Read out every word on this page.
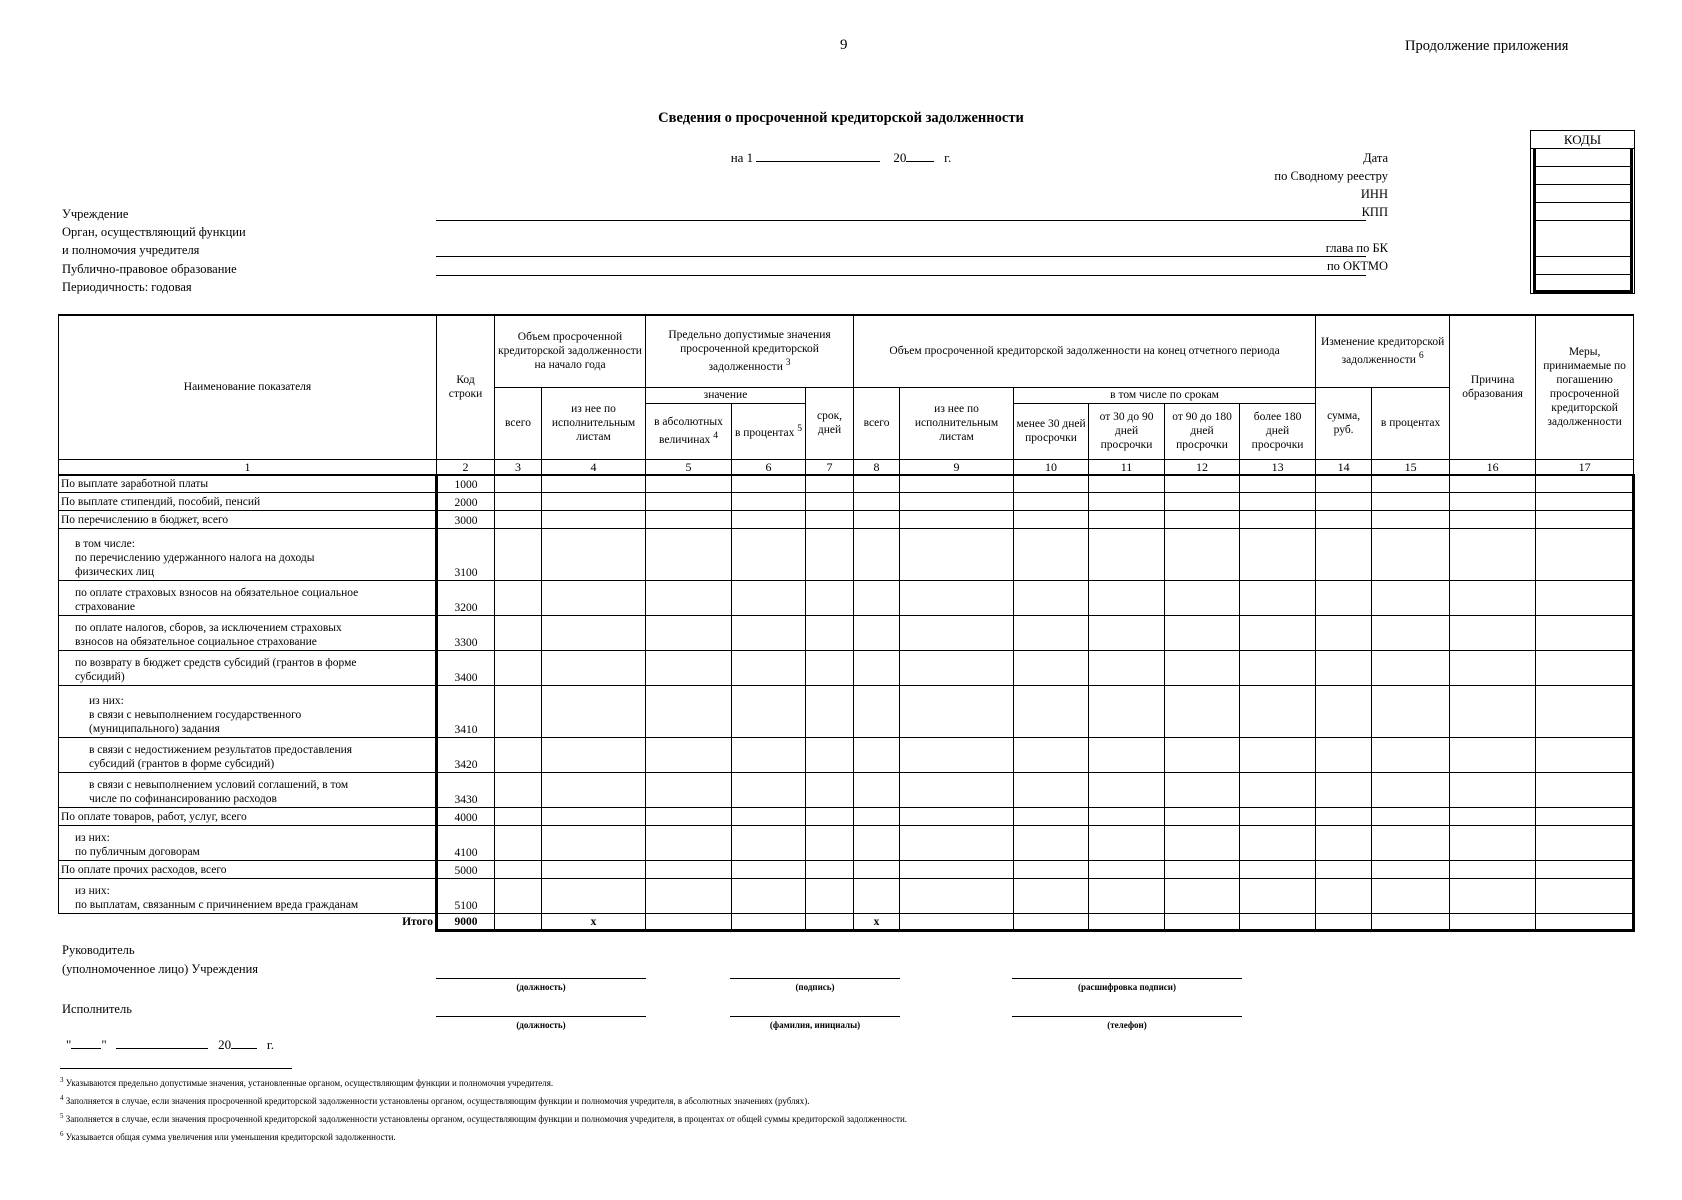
9	Продолжение приложения
Сведения о просроченной кредиторской задолженности
на 1	20	г.
Учреждение
Орган, осуществляющий функции
и полномочия учредителя
Публично-правовое образование
Периодичность: годовая
Дата
по Сводному реестру
ИНН
КПП
глава по БК
по ОКТМО
КОДЫ
Наименование показателя	Код строки	Объем просроченной кредиторской задолженности на начало года		Предельно допустимые значения просроченной кредиторской задолженности $^3$			Объем просроченной кредиторской задолженности на конец отчетного периода						Изменение кредиторской задолженности $^6$		Причина образования	Меры, принимаемые по погашению просроченной кредиторской задолженности
		всего	из нее по исполнительным листам	значение		срок, дней	всего	из нее по исполнительным листам	в том числе по срокам				сумма, руб.	в процентах		
				в абсолютных величинах $^4$	в процентах $^5$				менее 30 дней просрочки	от 30 до 90 дней просрочки	от 90 до 180 дней просрочки	более 180 дней просрочки				

1	2	3	4	5	6	7	8	9	10	11	12	13	14	15	16	17

По выплате заработной платы	1000															

По выплате стипендий, пособий, пенсий	2000															

По перечислению в бюджет, всего	3000															

в том числе:
по перечислению удержанного налога на доходы
физических лиц	3100															

по оплате страховых взносов на обязательное социальное
страхование	3200															

по оплате налогов, сборов, за исключением страховых
взносов на обязательное социальное страхование	3300															

по возврату в бюджет средств субсидий (грантов в форме
субсидий)	3400															

из них:
в связи с невыполнением государственного
(муниципального) задания	3410															

в связи с недостижением результатов предоставления
субсидий (грантов в форме субсидий)	3420															

в связи с невыполнением условий соглашений, в том
числе по софинансированию расходов	3430															

По оплате товаров, работ, услуг, всего	4000															

из них:
по публичным договорам	4100															

По оплате прочих расходов, всего	5000															

из них:
по выплатам, связанным с причинением вреда гражданам	5100															
Итого	9000		х				х									
Руководитель
(уполномоченное лицо) Учреждения
(должность)	(подпись)	(расшифровка подписи)
Исполнитель
(должность)	(фамилия, инициалы)	(телефон)
" "	20	г.
$^3$ Указываются предельно допустимые значения, установленные органом, осуществляющим функции и полномочия учредителя.
$^4$ Заполняется в случае, если значения просроченной кредиторской задолженности установлены органом, осуществляющим функции и полномочия учредителя, в абсолютных значениях (рублях).
$^5$ Заполняется в случае, если значения просроченной кредиторской задолженности установлены органом, осуществляющим функции и полномочия учредителя, в процентах от общей суммы кредиторской задолженности.
$^6$ Указывается общая сумма увеличения или уменьшения кредиторской задолженности.
